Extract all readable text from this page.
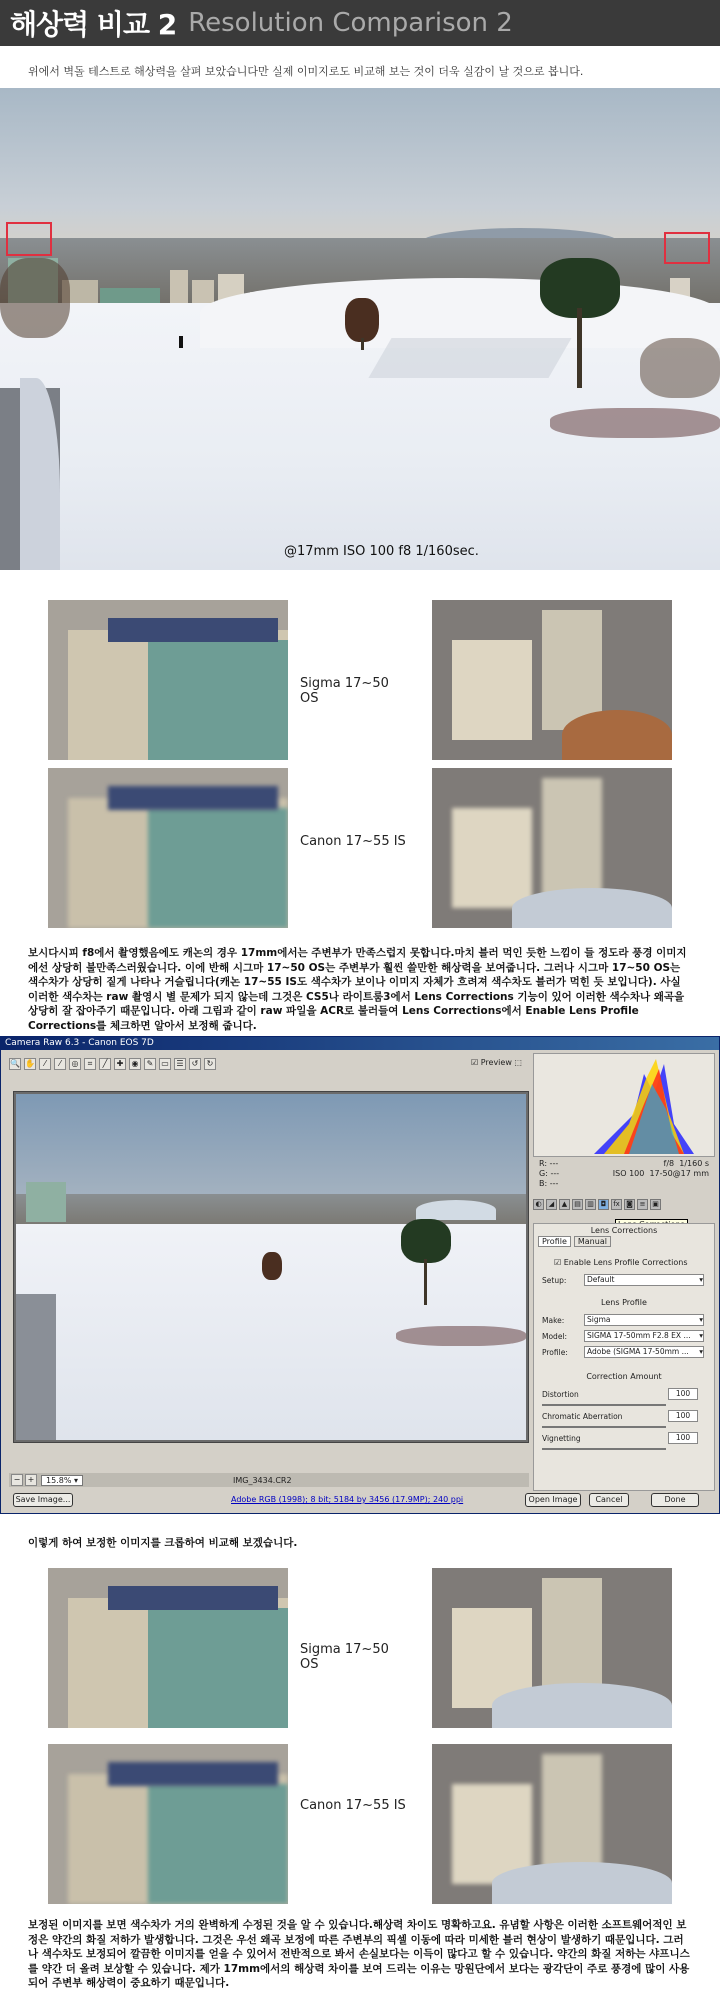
해상력 비교 2 Resolution Comparison 2
위에서 벽돌 테스트로 해상력을 살펴 보았습니다만 실제 이미지로도 비교해 보는 것이 더욱 실감이 날 것으로 봅니다.
@17mm ISO 100 f8 1/160sec.
Sigma 17~50 OS
Canon 17~55 IS
보시다시피 f8에서 촬영했음에도 캐논의 경우 17mm에서는 주변부가 만족스럽지 못합니다.마치 블러 먹인 듯한 느낌이 들 정도라 풍경 이미지에선 상당히 불만족스러웠습니다. 이에 반해 시그마 17~50 OS는 주변부가 훨씬 쓸만한 해상력을 보여줍니다. 그러나 시그마 17~50 OS는 색수차가 상당히 짙게 나타나 거슬립니다(캐논 17~55 IS도 색수차가 보이나 이미지 자체가 흐려져 색수차도 블러가 먹힌 듯 보입니다). 사실 이러한 색수차는 raw 촬영시 별 문제가 되지 않는데 그것은 CS5나 라이트룸3에서 Lens Corrections 기능이 있어 이러한 색수차나 왜곡을 상당히 잘 잡아주기 때문입니다. 아래 그림과 같이 raw 파일을 ACR로 불러들여 Lens Corrections에서 Enable Lens Profile Corrections를 체크하면 알아서 보정해 줍니다.
Camera Raw 6.3 - Canon EOS 7D
🔍 ✋	⁄	⁄	◎	⌗	╱	✚	◉	✎ ▭ ☰	↺	↻	☑ Preview ⬚
− +	15.8% ▾	IMG_3434.CR2
Save Image...	Adobe RGB (1998); 8 bit; 5184 by 3456 (17.9MP); 240 ppi	Open Image	Cancel	Done
R: ---	f/8 1/160 s
G: ---	ISO 100 17-50@17 mm
B: ---
◐	◢	▲	▤ ▥ ◘ fx ◙ ≡ ▣
Lens Corrections
Profile	Manual
☑ Enable Lens Profile Corrections
Setup:	Default	▾
Lens Profile
Make:	Sigma	▾
Model:	SIGMA 17-50mm F2.8 EX ... ▾
Profile:	Adobe (SIGMA 17-50mm ... ▾
Correction Amount
Distortion	100
Chromatic Aberration	100
Vignetting	100
이렇게 하여 보정한 이미지를 크롭하여 비교해 보겠습니다.
Sigma 17~50 OS
Canon 17~55 IS
보정된 이미지를 보면 색수차가 거의 완벽하게 수정된 것을 알 수 있습니다.해상력 차이도 명확하고요. 유념할 사항은 이러한 소프트웨어적인 보정은 약간의 화질 저하가 발생합니다. 그것은 우선 왜곡 보정에 따른 주변부의 픽셀 이동에 따라 미세한 블러 현상이 발생하기 때문입니다. 그러나 색수차도 보정되어 깔끔한 이미지를 얻을 수 있어서 전반적으로 봐서 손실보다는 이득이 많다고 할 수 있습니다. 약간의 화질 저하는 샤프니스를 약간 더 올려 보상할 수 있습니다. 제가 17mm에서의 해상력 차이를 보여 드리는 이유는 망원단에서 보다는 광각단이 주로 풍경에 많이 사용되어 주변부 해상력이 중요하기 때문입니다.
